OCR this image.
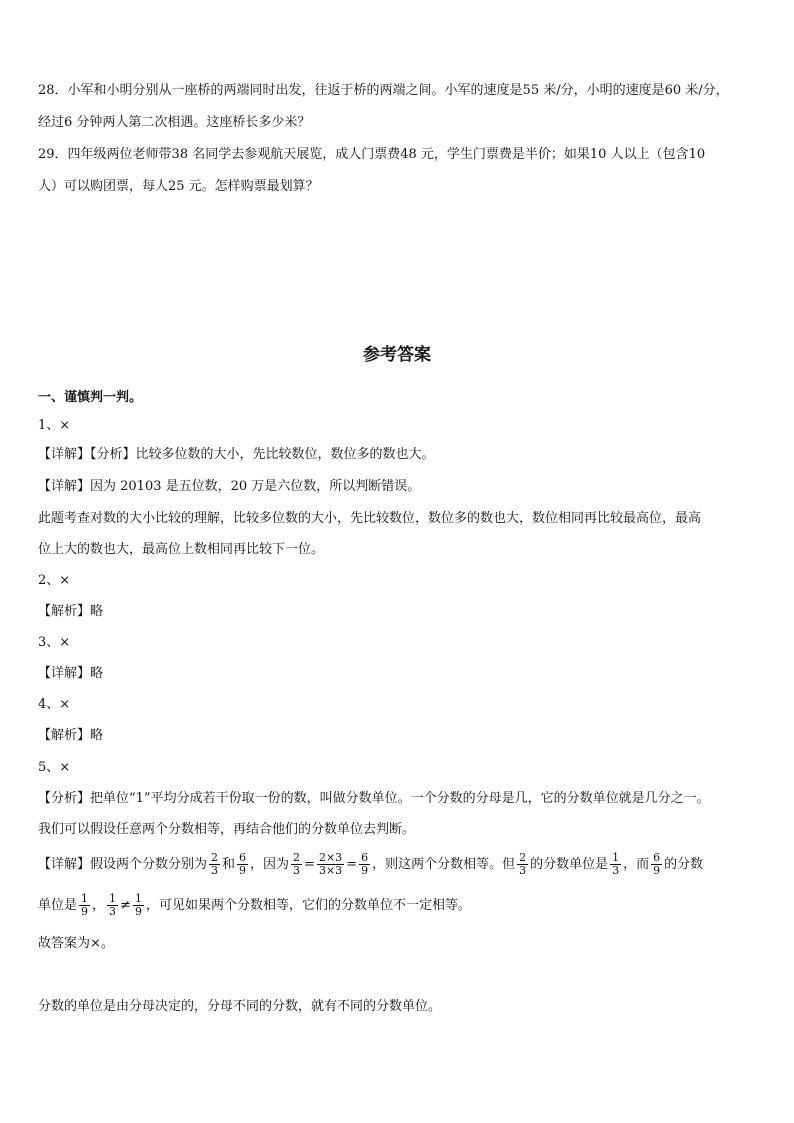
28．小军和小明分别从一座桥的两端同时出发，往返于桥的两端之间。小军的速度是55 米/分，小明的速度是60 米/分，
经过6 分钟两人第二次相遇。这座桥长多少米？
29．四年级两位老师带38 名同学去参观航天展览，成人门票费48 元，学生门票费是半价；如果10 人以上（包含10
人）可以购团票，每人25 元。怎样购票最划算？
参考答案
一、谨慎判一判。
1、×
【详解】【分析】比较多位数的大小，先比较数位，数位多的数也大。
【详解】因为 20103 是五位数，20 万是六位数，所以判断错误。
此题考查对数的大小比较的理解，比较多位数的大小，先比较数位，数位多的数也大，数位相同再比较最高位，最高
位上大的数也大，最高位上数相同再比较下一位。
2、×
【解析】略
3、×
【详解】略
4、×
【解析】略
5、×
【分析】把单位“1”平均分成若干份取一份的数，叫做分数单位。一个分数的分母是几，它的分数单位就是几分之一。
我们可以假设任意两个分数相等，再结合他们的分数单位去判断。
【详解】假设两个分数分别为 $\frac{2}{3}$ 和 $\frac{6}{9}$ ，因为 $\frac{2}{3} = \frac{2\times 3}{3\times 3} = \frac{6}{9}$ ，则这两个分数相等。但 $\frac{2}{3}$ 的分数单位是 $\frac{1}{3}$ ，而 $\frac{6}{9}$ 的分数
单位是 $\frac{1}{9}$ ， $\frac{1}{3} \ne \frac{1}{9}$ ，可见如果两个分数相等，它们的分数单位不一定相等。
故答案为×。
分数的单位是由分母决定的，分母不同的分数，就有不同的分数单位。
